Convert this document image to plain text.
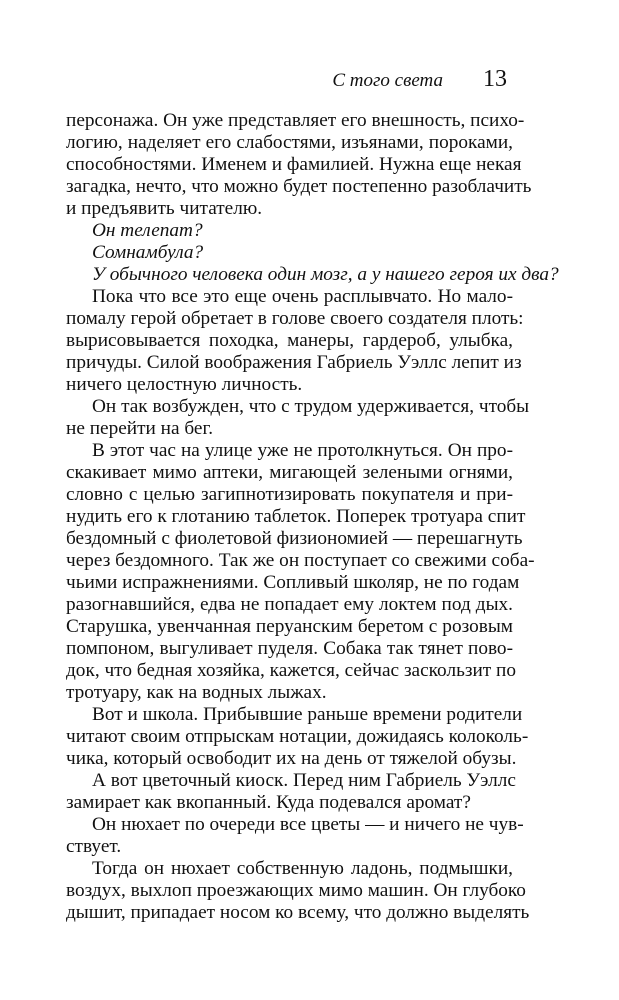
С того света 13

персонажа. Он уже представляет его внешность, психо-

логию, наделяет его слабостями, изъянами, пороками,

способностями. Именем и фамилией. Нужна еще некая

загадка, нечто, что можно будет постепенно разоблачить

и предъявить читателю.

Он телепат?

Сомнамбула?

У обычного человека один мозг, а у нашего героя их два?

Пока что все это еще очень расплывчато. Но мало-

помалу герой обретает в голове своего создателя плоть:

вырисовывается походка, манеры, гардероб, улыбка,

причуды. Силой воображения Габриель Уэллс лепит из

ничего целостную личность.

Он так возбужден, что с трудом удерживается, чтобы

не перейти на бег.

В этот час на улице уже не протолкнуться. Он про-

скакивает мимо аптеки, мигающей зелеными огнями,

словно с целью загипнотизировать покупателя и при-

нудить его к глотанию таблеток. Поперек тротуара спит

бездомный с фиолетовой физиономией — перешагнуть

через бездомного. Так же он поступает со свежими соба-

чьими испражнениями. Сопливый школяр, не по годам

разогнавшийся, едва не попадает ему локтем под дых.

Старушка, увенчанная перуанским беретом с розовым

помпоном, выгуливает пуделя. Собака так тянет пово-

док, что бедная хозяйка, кажется, сейчас заскользит по

тротуару, как на водных лыжах.

Вот и школа. Прибывшие раньше времени родители

читают своим отпрыскам нотации, дожидаясь колоколь-

чика, который освободит их на день от тяжелой обузы.

А вот цветочный киоск. Перед ним Габриель Уэллс

замирает как вкопанный. Куда подевался аромат?

Он нюхает по очереди все цветы — и ничего не чув-

ствует.

Тогда он нюхает собственную ладонь, подмышки,

воздух, выхлоп проезжающих мимо машин. Он глубоко

дышит, припадает носом ко всему, что должно выделять
